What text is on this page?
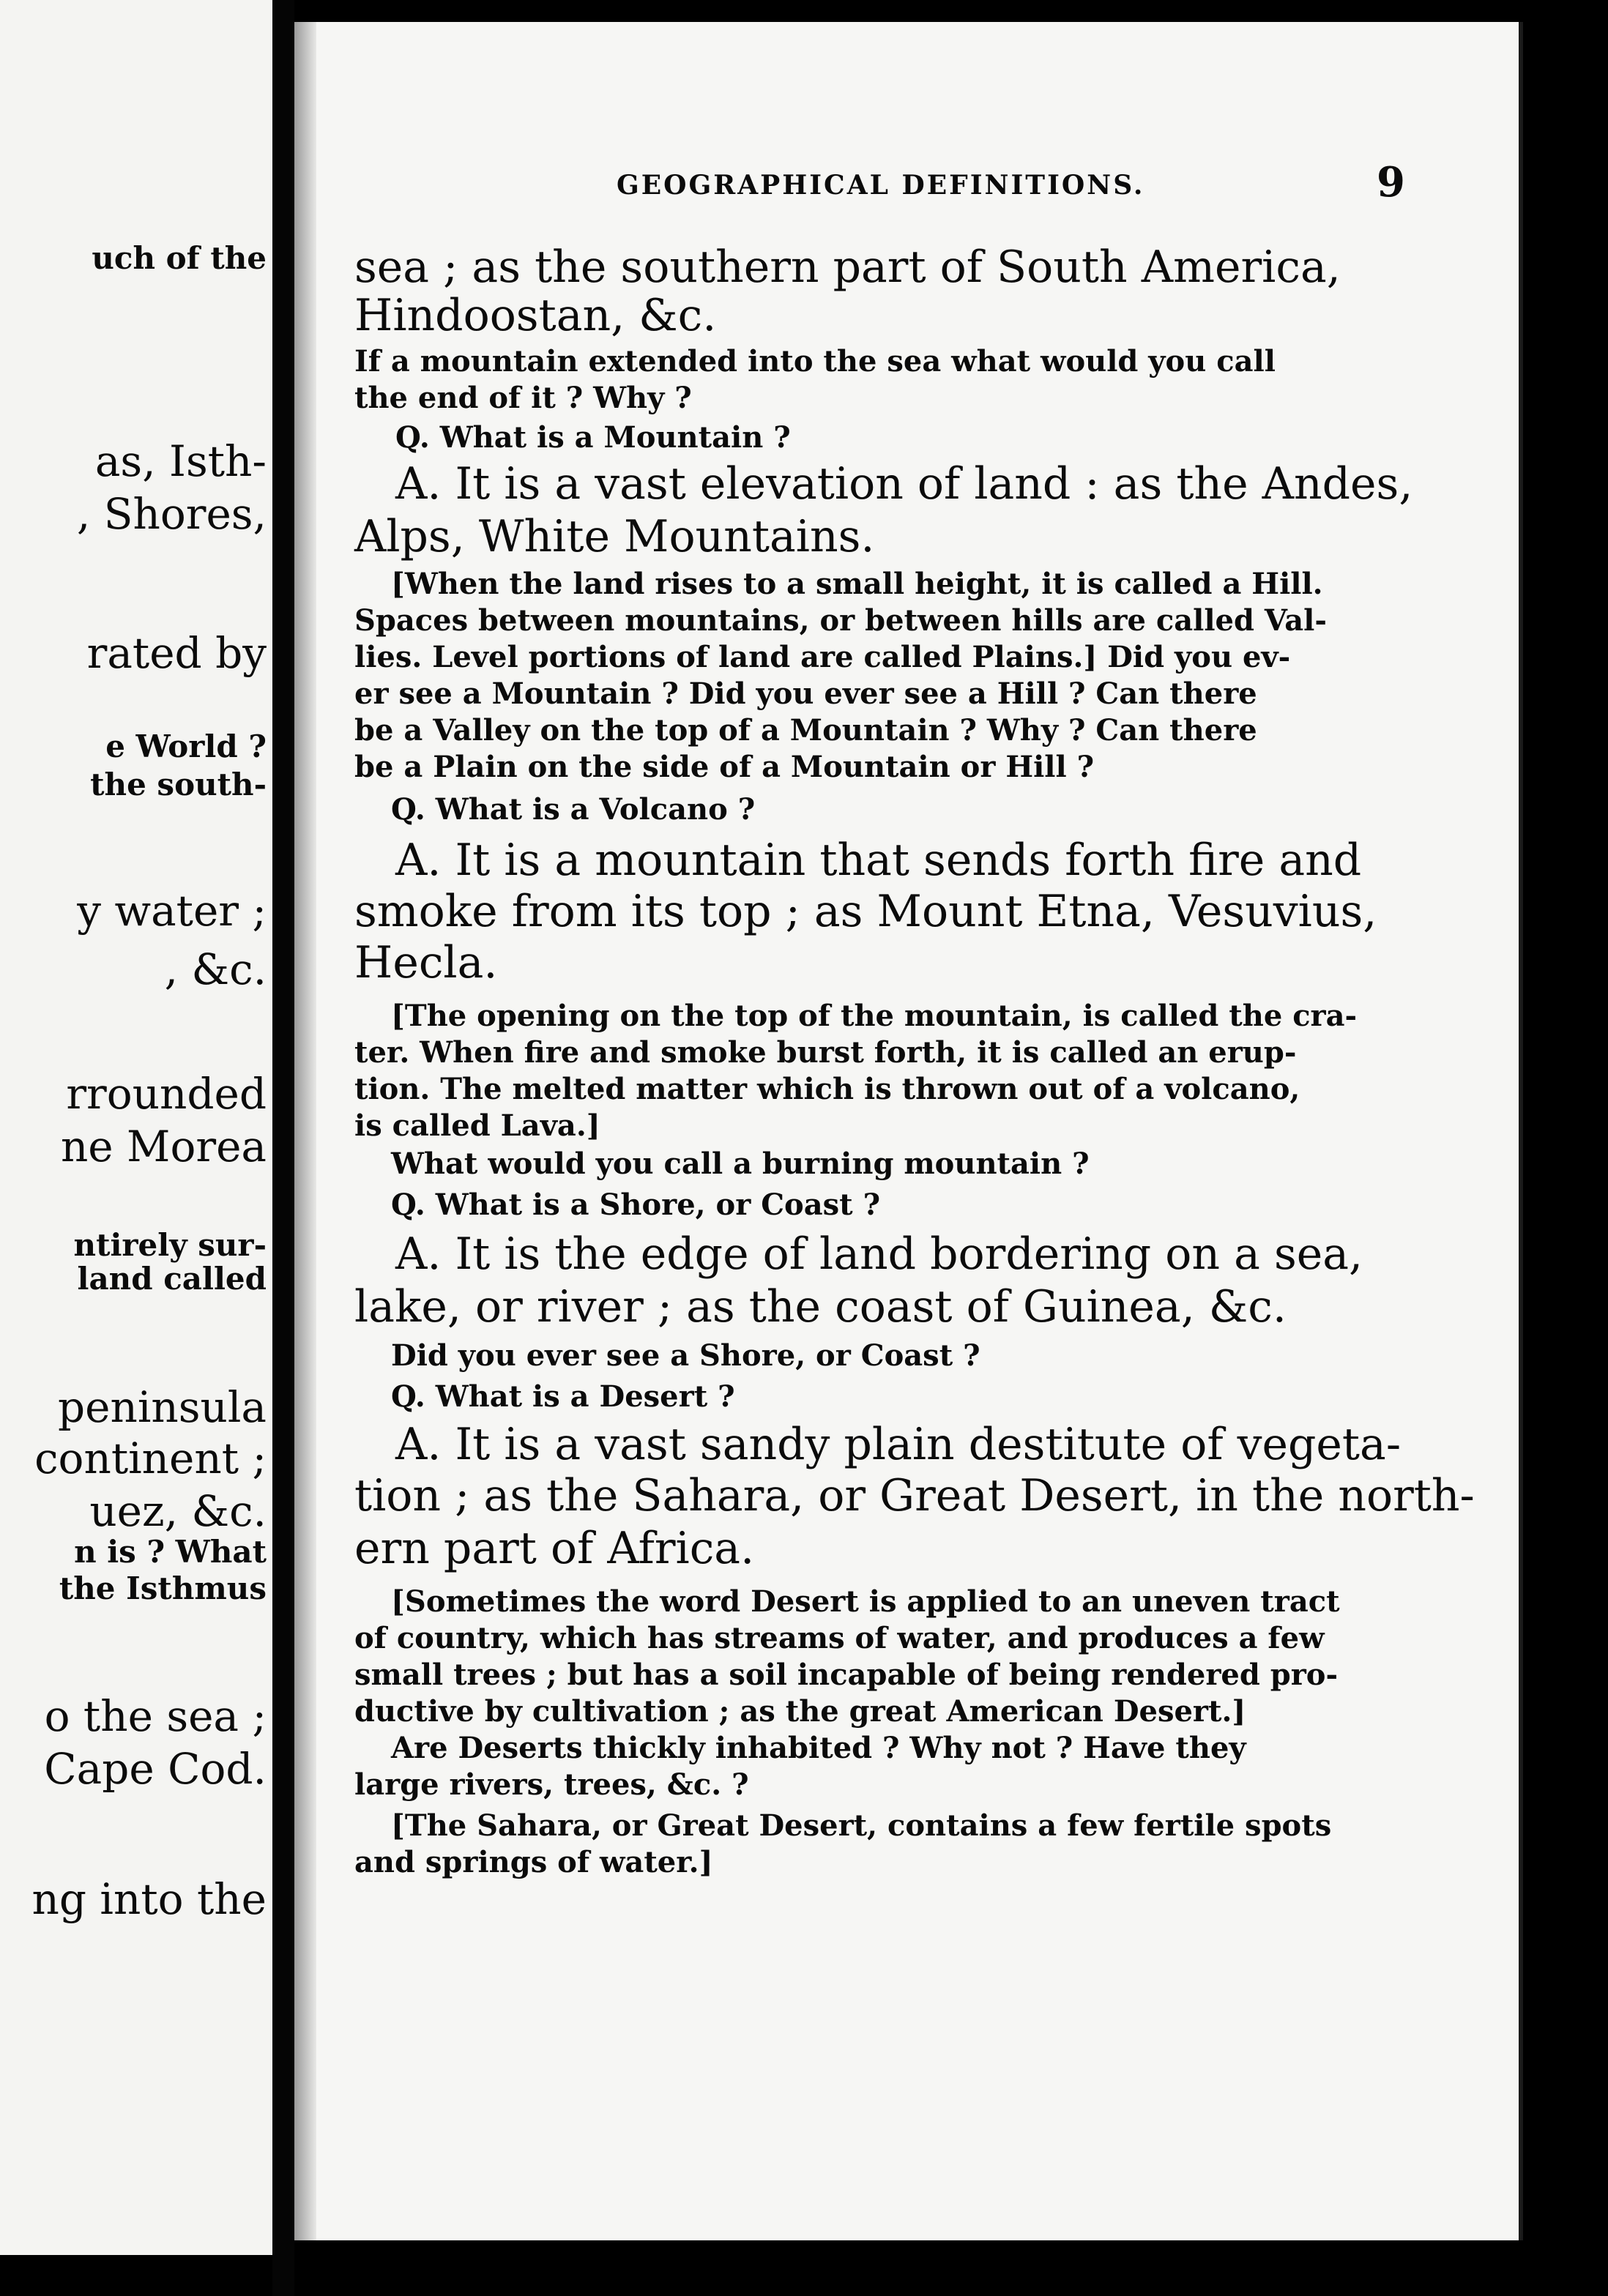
uch of the
as, Isth-
, Shores,
rated by
e World ?
the south-
y water ;
, &c.
rrounded
ne Morea
ntirely sur-
land called
peninsula
continent ;
uez, &c.
n is ? What
the Isthmus
o the sea ;
Cape Cod.
ng into the
GEOGRAPHICAL DEFINITIONS.	9
sea ; as the southern part of South America,
Hindoostan, &c.
If a mountain extended into the sea what would you call
the end of it ? Why ?
Q. What is a Mountain ?
A. It is a vast elevation of land : as the Andes,
Alps, White Mountains.
[When the land rises to a small height, it is called a Hill.
Spaces between mountains, or between hills are called Val-
lies. Level portions of land are called Plains.] Did you ev-
er see a Mountain ? Did you ever see a Hill ? Can there
be a Valley on the top of a Mountain ? Why ? Can there
be a Plain on the side of a Mountain or Hill ?
Q. What is a Volcano ?
A. It is a mountain that sends forth fire and
smoke from its top ; as Mount Etna, Vesuvius,
Hecla.
[The opening on the top of the mountain, is called the cra-
ter. When fire and smoke burst forth, it is called an erup-
tion. The melted matter which is thrown out of a volcano,
is called Lava.]
What would you call a burning mountain ?
Q. What is a Shore, or Coast ?
A. It is the edge of land bordering on a sea,
lake, or river ; as the coast of Guinea, &c.
Did you ever see a Shore, or Coast ?
Q. What is a Desert ?
A. It is a vast sandy plain destitute of vegeta-
tion ; as the Sahara, or Great Desert, in the north-
ern part of Africa.
[Sometimes the word Desert is applied to an uneven tract
of country, which has streams of water, and produces a few
small trees ; but has a soil incapable of being rendered pro-
ductive by cultivation ; as the great American Desert.]
Are Deserts thickly inhabited ? Why not ? Have they
large rivers, trees, &c. ?
[The Sahara, or Great Desert, contains a few fertile spots
and springs of water.]
